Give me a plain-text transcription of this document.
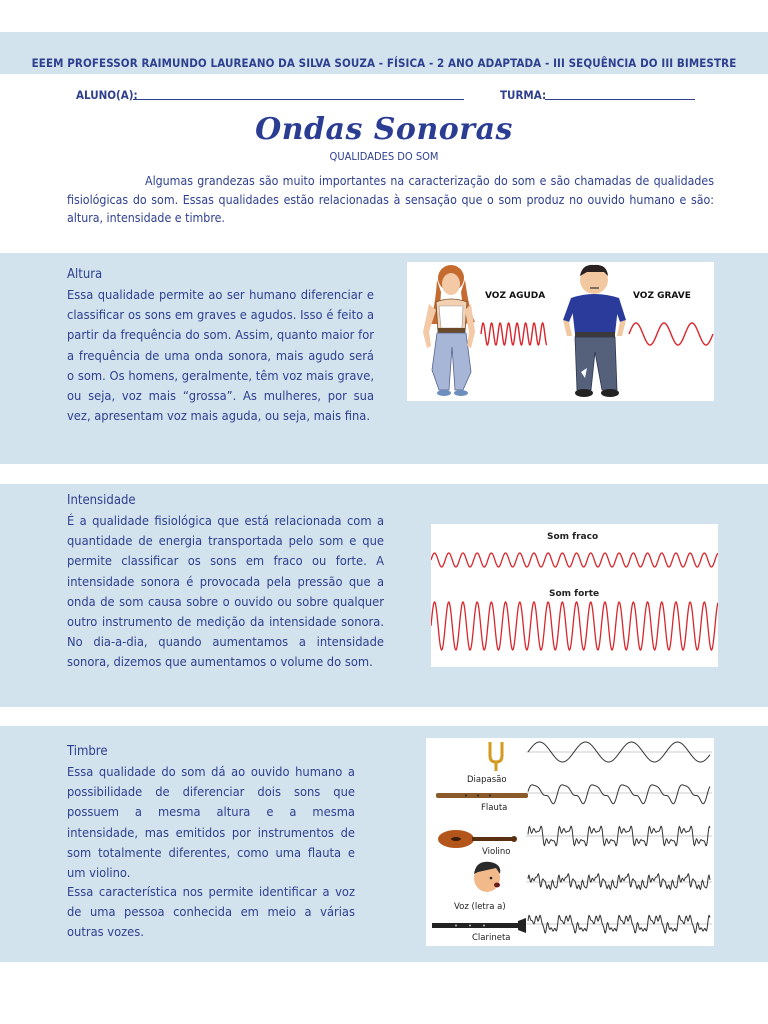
EEEM PROFESSOR RAIMUNDO LAUREANO DA SILVA SOUZA - FÍSICA - 2 ANO ADAPTADA - III SEQUÊNCIA DO III BIMESTRE
ALUNO(A):	TURMA:
Ondas Sonoras
QUALIDADES DO SOM
Algumas grandezas são muito importantes na caracterização do som e são chamadas de qualidades fisiológicas do som. Essas qualidades estão relacionadas à sensação que o som produz no ouvido humano e são: altura, intensidade e timbre.
Altura
Essa qualidade permite ao ser humano diferenciar e classificar os sons em graves e agudos. Isso é feito a partir da frequência do som. Assim, quanto maior for a frequência de uma onda sonora, mais agudo será o som. Os homens, geralmente, têm voz mais grave, ou seja, voz mais “grossa”. As mulheres, por sua vez, apresentam voz mais aguda, ou seja, mais fina.
VOZ AGUDA	VOZ GRAVE
Intensidade
É a qualidade fisiológica que está relacionada com a quantidade de energia transportada pelo som e que permite classificar os sons em fraco ou forte. A intensidade sonora é provocada pela pressão que a onda de som causa sobre o ouvido ou sobre qualquer outro instrumento de medição da intensidade sonora. No dia-a-dia, quando aumentamos a intensidade sonora, dizemos que aumentamos o volume do som.
Som fraco
Som forte
Timbre
Essa qualidade do som dá ao ouvido humano a possibilidade de diferenciar dois sons que possuem a mesma altura e a mesma intensidade, mas emitidos por instrumentos de som totalmente diferentes, como uma flauta e um violino.
Essa característica nos permite identificar a voz de uma pessoa conhecida em meio a várias outras vozes.
Diapasão
Flauta
Violino
Voz (letra a)
Clarineta
